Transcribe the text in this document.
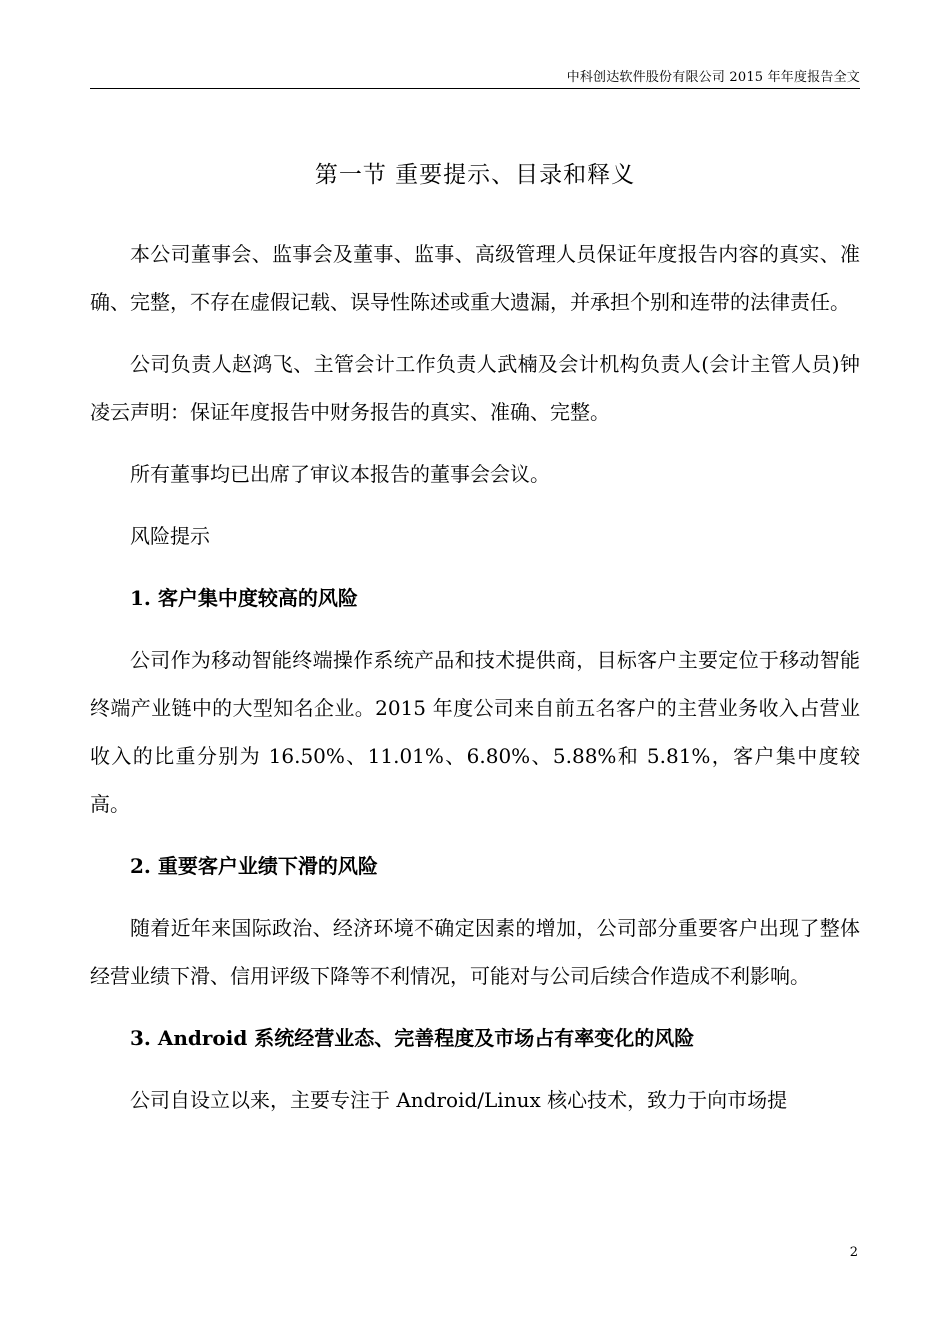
中科创达软件股份有限公司 2015 年年度报告全文
第一节 重要提示、目录和释义

本公司董事会、监事会及董事、监事、高级管理人员保证年度报告内容的真实、准确、完整，不存在虚假记载、误导性陈述或重大遗漏，并承担个别和连带的法律责任。

公司负责人赵鸿飞、主管会计工作负责人武楠及会计机构负责人(会计主管人员)钟凌云声明：保证年度报告中财务报告的真实、准确、完整。

所有董事均已出席了审议本报告的董事会会议。

风险提示

1. 客户集中度较高的风险

公司作为移动智能终端操作系统产品和技术提供商，目标客户主要定位于移动智能终端产业链中的大型知名企业。2015 年度公司来自前五名客户的主营业务收入占营业收入的比重分别为 16.50%、11.01%、6.80%、5.88%和 5.81%，客户集中度较高。

2. 重要客户业绩下滑的风险

随着近年来国际政治、经济环境不确定因素的增加，公司部分重要客户出现了整体经营业绩下滑、信用评级下降等不利情况，可能对与公司后续合作造成不利影响。

3. Android 系统经营业态、完善程度及市场占有率变化的风险

公司自设立以来，主要专注于 Android/Linux 核心技术，致力于向市场提

2
